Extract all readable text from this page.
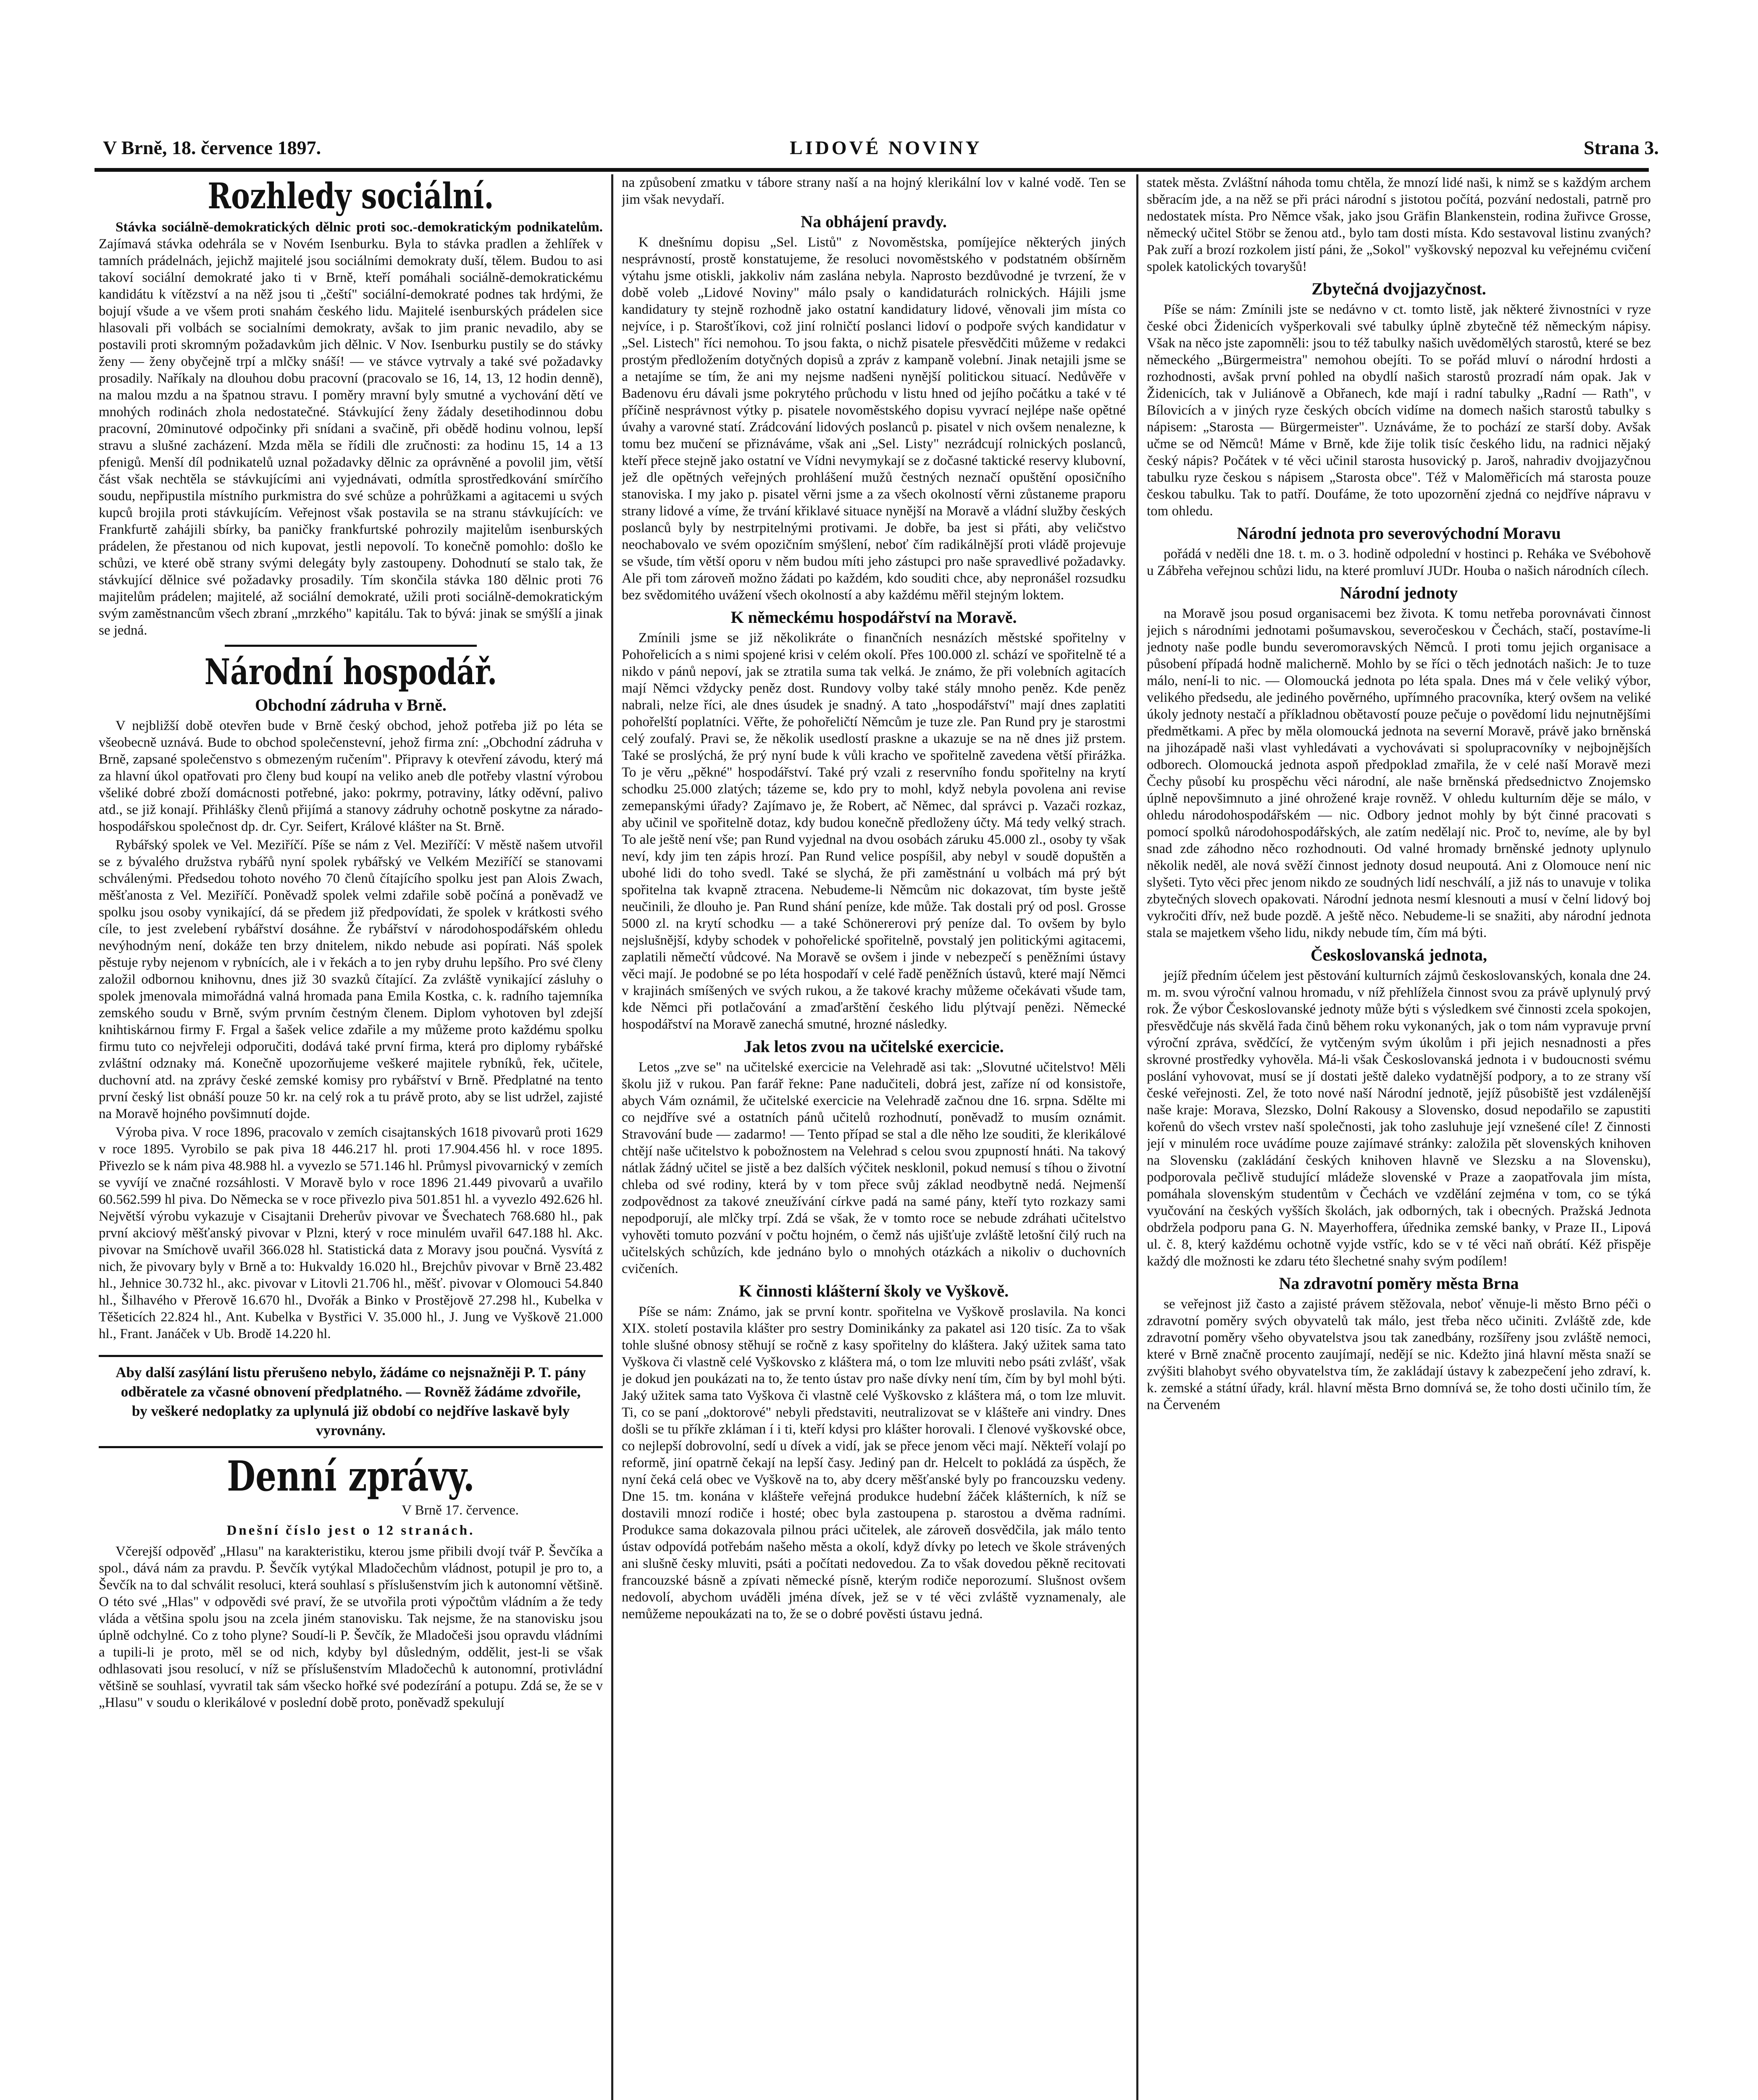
V Brně, 18. července 1897.	LIDOVÉ NOVINY	Strana 3.
Rozhledy sociální.

Stávka sociálně-demokratických dělnic proti soc.-demokratickým podnikatelům. Zajímavá stávka odehrála se v Novém Isenburku. Byla to stávka pradlen a žehlířek v tamních prádelnách, jejichž majitelé jsou sociálními demokraty duší, tělem. Budou to asi takoví sociální demokraté jako ti v Brně, kteří pomáhali sociálně-demokratickému kandidátu k vítězství a na něž jsou ti „čeští" sociální-demokraté podnes tak hrdými, že bojují všude a ve všem proti snahám českého lidu. Majitelé isenburských prádelen sice hlasovali při volbách se socialními demokraty, avšak to jim pranic nevadilo, aby se postavili proti skromným požadavkům jich dělnic. V Nov. Isenburku pustily se do stávky ženy — ženy obyčejně trpí a mlčky snáší! — ve stávce vytrvaly a také své požadavky prosadily. Naříkaly na dlouhou dobu pracovní (pracovalo se 16, 14, 13, 12 hodin denně), na malou mzdu a na špatnou stravu. I poměry mravní byly smutné a vychování dětí ve mnohých rodinách zhola nedostatečné. Stávkující ženy žádaly desetihodinnou dobu pracovní, 20minutové odpočinky při snídani a svačině, při obědě hodinu volnou, lepší stravu a slušné zacházení. Mzda měla se řídili dle zručnosti: za hodinu 15, 14 a 13 pfenigů. Menší díl podnikatelů uznal požadavky dělnic za oprávněné a povolil jim, větší část však nechtěla se stávkujícími ani vyjednávati, odmítla sprostředkování smírčího soudu, nepřipustila místního purkmistra do své schůze a pohrůžkami a agitacemi u svých kupců brojila proti stávkujícím. Veřejnost však postavila se na stranu stávkujících: ve Frankfurtě zahájili sbírky, ba paničky frankfurtské pohrozily majitelům isenburských prádelen, že přestanou od nich kupovat, jestli nepovolí. To konečně pomohlo: došlo ke schůzi, ve které obě strany svými delegáty byly zastoupeny. Dohodnutí se stalo tak, že stávkující dělnice své požadavky prosadily. Tím skončila stávka 180 dělnic proti 76 majitelům prádelen; majitelé, až sociální demokraté, užili proti sociálně-demokratickým svým zaměstnancům všech zbraní „mrzkého" kapitálu. Tak to bývá: jinak se smýšlí a jinak se jedná.

Národní hospodář.
Obchodní zádruha v Brně.

V nejbližší době otevřen bude v Brně český obchod, jehož potřeba již po léta se všeobecně uznává. Bude to obchod společenstevní, jehož firma zní: „Obchodní zádruha v Brně, zapsané společenstvo s obmezeným ručením". Připravy k otevření závodu, který má za hlavní úkol opatřovati pro členy bud koupí na veliko aneb dle potřeby vlastní výrobou všeliké dobré zboží domácnosti potřebné, jako: pokrmy, potraviny, látky oděvní, palivo atd., se již konají. Přihlášky členů přijímá a stanovy zádruhy ochotně poskytne za nárado-hospodářskou společnost dp. dr. Cyr. Seifert, Králové klášter na St. Brně.

Rybářský spolek ve Vel. Meziříčí. Píše se nám z Vel. Meziříčí: V městě našem utvořil se z bývalého družstva rybářů nyní spolek rybářský ve Velkém Meziříčí se stanovami schválenými. Předsedou tohoto nového 70 členů čítajícího spolku jest pan Alois Zwach, měšťanosta z Vel. Meziříčí. Poněvadž spolek velmi zdařile sobě počíná a poněvadž ve spolku jsou osoby vynikající, dá se předem již předpovídati, že spolek v krátkosti svého cíle, to jest zvelebení rybářství dosáhne. Že rybářství v národohospodářském ohledu nevýhodným není, dokáže ten brzy dnitelem, nikdo nebude asi popírati. Náš spolek pěstuje ryby nejenom v rybnících, ale i v řekách a to jen ryby druhu lepšího. Pro své členy založil odbornou knihovnu, dnes již 30 svazků čítající. Za zvláště vynikající zásluhy o spolek jmenovala mimořádná valná hromada pana Emila Kostka, c. k. radního tajemníka zemského soudu v Brně, svým prvním čestným členem. Diplom vyhotoven byl zdejší knihtiskárnou firmy F. Frgal a šašek velice zdařile a my můžeme proto každému spolku firmu tuto co nejvřeleji odporučiti, dodává také první firma, která pro diplomy rybářské zvláštní odznaky má. Konečně upozorňujeme veškeré majitele rybníků, řek, učitele, duchovní atd. na zprávy české zemské komisy pro rybářství v Brně. Předplatné na tento první český list obnáší pouze 50 kr. na celý rok a tu právě proto, aby se list udržel, zajisté na Moravě hojného povšimnutí dojde.

Výroba piva. V roce 1896, pracovalo v zemích cisajtanských 1618 pivovarů proti 1629 v roce 1895. Vyrobilo se pak piva 18 446.217 hl. proti 17.904.456 hl. v roce 1895. Přivezlo se k nám piva 48.988 hl. a vyvezlo se 571.146 hl. Průmysl pivovarnický v zemích se vyvíjí ve značné rozsáhlosti. V Moravě bylo v roce 1896 21.449 pivovarů a uvařilo 60.562.599 hl piva. Do Německa se v roce přivezlo piva 501.851 hl. a vyvezlo 492.626 hl. Největší výrobu vykazuje v Cisajtanii Dreherův pivovar ve Švechatech 768.680 hl., pak první akciový měšťanský pivovar v Plzni, který v roce minulém uvařil 647.188 hl. Akc. pivovar na Smíchově uvařil 366.028 hl. Statistická data z Moravy jsou poučná. Vysvítá z nich, že pivovary byly v Brně a to: Hukvaldy 16.020 hl., Brejchův pivovar v Brně 23.482 hl., Jehnice 30.732 hl., akc. pivovar v Litovli 21.706 hl., měšť. pivovar v Olomouci 54.840 hl., Šilhavého v Přerově 16.670 hl., Dvořák a Binko v Prostějově 27.298 hl., Kubelka v Těšeticích 22.824 hl., Ant. Kubelka v Bystřici V. 35.000 hl., J. Jung ve Vyškově 21.000 hl., Frant. Janáček v Ub. Brodě 14.220 hl.

Aby další zasýlání listu přerušeno nebylo, žádáme co nejsnažněji P. T. pány odběratele za včasné obnovení předplatného. — Rovněž žádáme zdvořile, by veškeré nedoplatky za uplynulá již období co nejdříve laskavě byly vyrovnány.
Denní zprávy.
V Brně 17. července.
Dnešní číslo jest o 12 stranách.

Včerejší odpověď „Hlasu" na karakteristiku, kterou jsme přibili dvojí tvář P. Ševčíka a spol., dává nám za pravdu. P. Ševčík vytýkal Mladočechům vládnost, potupil je pro to, a Ševčík na to dal schválit resoluci, která souhlasí s příslušenstvím jich k autonomní většině. O této své „Hlas" v odpovědi své praví, že se utvořila proti výpočtům vládním a že tedy vláda a většina spolu jsou na zcela jiném stanovisku. Tak nejsme, že na stanovisku jsou úplně odchylné. Co z toho plyne? Soudí-li P. Ševčík, že Mladočeši jsou opravdu vládními a tupili-li je proto, měl se od nich, kdyby byl důsledným, oddělit, jest-li se však odhlasovati jsou resolucí, v níž se příslušenstvím Mladočechů k autonomní, protivládní většině se souhlasí, vyvratil tak sám všecko hořké své podezírání a potupu. Zdá se, že se v „Hlasu" v soudu o klerikálové v poslední době proto, poněvadž spekulují

na způsobení zmatku v tábore strany naší a na hojný klerikální lov v kalné vodě. Ten se jim však nevydaří.

Na obhájení pravdy.

K dnešnímu dopisu „Sel. Listů" z Novoměstska, pomíjejíce některých jiných nesprávností, prostě konstatujeme, že resoluci novoměstského v podstatném obšírněm výtahu jsme otiskli, jakkoliv nám zaslána nebyla. Naprosto bezdůvodné je tvrzení, že v době voleb „Lidové Noviny" málo psaly o kandidaturách rolnických. Hájili jsme kandidatury ty stejně rozhodně jako ostatní kandidatury lidové, věnovali jim místa co nejvíce, i p. Starošťíkovi, což jiní rolničtí poslanci lidoví o podpoře svých kandidatur v „Sel. Listech" říci nemohou. To jsou fakta, o nichž pisatele přesvědčiti můžeme v redakci prostým předložením dotyčných dopisů a zpráv z kampaně volební. Jinak netajili jsme se a netajíme se tím, že ani my nejsme nadšeni nynější politickou situací. Nedůvěře v Badenovu éru dávali jsme pokrytého průchodu v listu hned od jejího počátku a také v té příčině nesprávnost výtky p. pisatele novoměstského dopisu vyvrací nejlépe naše opětné úvahy a varovné statí. Zrádcování lidových poslanců p. pisatel v nich ovšem nenalezne, k tomu bez mučení se přiznáváme, však ani „Sel. Listy" nezrádcují rolnických poslanců, kteří přece stejně jako ostatní ve Vídni nevymykají se z dočasné taktické reservy klubovní, jež dle opětných veřejných prohlášení mužů čestných neznačí opuštění oposičního stanoviska. I my jako p. pisatel věrni jsme a za všech okolností věrni zůstaneme praporu strany lidové a víme, že trvání křiklavé situace nynější na Moravě a vládní služby českých poslanců byly by nestrpitelnými protivami. Je dobře, ba jest si přáti, aby veličstvo neochabovalo ve svém opozičním smýšlení, neboť čím radikálnější proti vládě projevuje se všude, tím větší oporu v něm budou míti jeho zástupci pro naše spravedlivé požadavky. Ale při tom zároveň možno žádati po každém, kdo souditi chce, aby nepronášel rozsudku bez svědomitého uvážení všech okolností a aby každému měřil stejným loktem.

K německému hospodářství na Moravě.

Zmínili jsme se již několikráte o finančních nesnázích městské spořitelny v Pohořelicích a s nimi spojené krisi v celém okolí. Přes 100.000 zl. schází ve spořitelně té a nikdo v pánů nepoví, jak se ztratila suma tak velká. Je známo, že při volebních agitacích mají Němci vždycky peněz dost. Rundovy volby také stály mnoho peněz. Kde peněz nabrali, nelze říci, ale dnes úsudek je snadný. A tato „hospodářství" mají dnes zaplatiti pohořelští poplatníci. Věřte, že pohořeličtí Němcům je tuze zle. Pan Rund pry je starostmi celý zoufalý. Pravi se, že několik usedlostí prasknе a ukazuje se na ně dnes již prstem. Také se proslýchá, že prý nyní bude k vůli kracho ve spořitelně zavedena větší přirážka. To je věru „pěkné" hospodářství. Také prý vzali z reservního fondu spořitelny na krytí schodku 25.000 zlatých; tázeme se, kdo pry to mohl, když nebyla povolena ani revise zemepanskými úřady? Zajímavo je, že Robert, ač Němec, dal správci p. Vazači rozkaz, aby učinil ve spořitelně dotaz, kdy budou konečně předloženy účty. Má tedy velký strach. To ale ještě není vše; pan Rund vyjednal na dvou osobách záruku 45.000 zl., osoby ty však neví, kdy jim ten zápis hrozí. Pan Rund velice pospíšil, aby nebyl v soudě dopuštěn a ubohé lidi do toho svedl. Také se slychá, že při zaměstnání u volbách má prý být spořitelna tak kvapně ztracena. Nebudeme-li Němcům nic dokazovat, tím byste ještě neučinili, že dlouho je. Pan Rund shání peníze, kde může. Tak dostali prý od posl. Grosse 5000 zl. na krytí schodku — a také Schönererovi prý peníze dal. To ovšem by bylo nejslušnější, kdyby schodek v pohořelické spořitelně, povstalý jen politickými agitacemi, zaplatili němečtí vůdcové. Na Moravě se ovšem i jinde v nebezpečí s peněžními ústavy věci mají. Je podobné se po léta hospodaří v celé řadě peněžních ústavů, které mají Němci v krajinách smíšených ve svých rukou, a že takové krachy můžeme očekávati všude tam, kde Němci při potlačování a zmaďarštění českého lidu plýtvají penězi. Německé hospodářství na Moravě zanechá smutné, hrozné následky.

Jak letos zvou na učitelské exercicie.

Letos „zve se" na učitelské exercicie na Velehradě asi tak: „Slovutné učitelstvo! Měli školu již v rukou. Pan farář řekne: Pane nadučiteli, dobrá jest, zaříze ní od konsistoře, abych Vám oznámil, že učitelské exercicie na Velehradě začnou dne 16. srpna. Sdělte mi co nejdříve své a ostatních pánů učitelů rozhodnutí, poněvadž to musím oznámit. Stravování bude — zadarmo! — Tento případ se stal a dle něho lze souditi, že klerikálové chtějí naše učitelstvo k pobožnostem na Velehrad s celou svou zpupností hnáti. Na takový nátlak žádný učitel se jistě a bez dalších výčitek nesklonil, pokud nemusí s tíhou o životní chleba od své rodiny, která by v tom přece svůj základ neodbytně nedá. Nejmenší zodpovědnost za takové zneužívání církve padá na samé pány, kteří tyto rozkazy sami nepodporují, ale mlčky trpí. Zdá se však, že v tomto roce se nebude zdráhati učitelstvo vyhověti tomuto pozvání v počtu hojném, o čemž nás ujišťuje zvláště letošní čilý ruch na učitelských schůzích, kde jednáno bylo o mnohých otázkách a nikoliv o duchovních cvičeních.

K činnosti klášterní školy ve Vyškově.

Píše se nám: Známo, jak se první kontr. spořitelna ve Vyškově proslavila. Na konci XIX. století postavila klášter pro sestry Dominikánky za pakatel asi 120 tisíc. Za to však tohle slušné obnosy stěhují se ročně z kasy spořitelny do kláštera. Jaký užitek sama tato Vyškova či vlastně celé Vyškovsko z kláštera má, o tom lze mluviti nebo psáti zvlášť, však je dokud jen poukázati na to, že tento ústav pro naše dívky není tím, čím by byl mohl býti. Jaký užitek sama tato Vyškova či vlastně celé Vyškovsko z kláštera má, o tom lze mluvit. Ti, co se paní „doktorové" nebyli představiti, neutralizovat se v klášteře ani vindry. Dnes došli se tu příkře zkláman í i ti, kteří kdysi pro klášter horovali. I členové vyškovské obce, co nejlepší dobrovolní, sedí u dívek a vidí, jak se přece jenom věci mají. Někteří volají po reformě, jiní opatrně čekají na lepší časy. Jediný pan dr. Helcelt to pokládá za úspěch, že nyní čeká celá obec ve Vyškově na to, aby dcery měšťanské byly po francouzsku vedeny. Dne 15. tm. konána v klášteře veřejná produkce hudební žáček klášterních, k níž se dostavili mnozí rodiče i hosté; obec byla zastoupena p. starostou a dvěma radními. Produkce sama dokazovala pilnou práci učitelek, ale zároveň dosvědčila, jak málo tento ústav odpovídá potřebám našeho města a okolí, když dívky po letech ve škole strávených ani slušně česky mluviti, psáti a počítati nedovedou. Za to však dovedou pěkně recitovati francouzské básně a zpívati německé písně, kterým rodiče neporozumí. Slušnost ovšem nedovolí, abychom uváděli jména dívek, jež se v té věci zvláště vyznamenaly, ale nemůžeme nepoukázati na to, že se o dobré pověsti ústavu jedná.

statek města. Zvláštní náhoda tomu chtěla, že mnozí lidé naši, k nimž se s každým archem sběracím jde, a na něž se při práci národní s jistotou počítá, pozvání nedostali, patrně pro nedostatek místa. Pro Němce však, jako jsou Gräfin Blankenstein, rodina žuřivce Grosse, německý učitel Stöbr se ženou atd., bylo tam dosti místa. Kdo sestavoval listinu zvaných? Pak zuří a brozí rozkolem jistí páni, že „Sokol" vyškovský nepozval ku veřejnému cvičení spolek katolických tovaryšů!

Zbytečná dvojjazyčnost.

Píše se nám: Zmínili jste se nedávno v ct. tomto listě, jak některé živnostníci v ryze české obci Židenicích vyšperkovali své tabulky úplně zbytečně též německým nápisy. Však na něco jste zapomněli: jsou to též tabulky našich uvědomělých starostů, které se bez německého „Bürgermeistra" nemohou obejíti. To se pořád mluví o národní hrdosti a rozhodnosti, avšak první pohled na obydlí našich starostů prozradí nám opak. Jak v Židenicích, tak v Juliánově a Obřanech, kde mají i radní tabulky „Radní — Rath", v Bílovicích a v jiných ryze českých obcích vidíme na domech našich starostů tabulky s nápisem: „Starosta — Bürgermeister". Uznáváme, že to pochází ze starší doby. Avšak učme se od Němců! Máme v Brně, kde žije tolik tisíc českého lidu, na radnici nějaký český nápis? Počátek v té věci učinil starosta husovický p. Jaroš, nahradiv dvojjazyčnou tabulku ryze českou s nápisem „Starosta obce". Též v Maloměřicích má starosta pouze českou tabulku. Tak to patří. Doufáme, že toto upozornění zjedná co nejdříve nápravu v tom ohledu.

Národní jednota pro severovýchodní Moravu

pořádá v neděli dne 18. t. m. o 3. hodině odpolední v hostinci p. Rehákа ve Svébohově u Zábřeha veřejnou schůzi lidu, na které promluví JUDr. Houba o našich národních cílech.

Národní jednoty

na Moravě jsou posud organisacemi bez života. K tomu netřeba porovnávati činnost jejich s národními jednotami pošumavskou, severočeskou v Čechách, stačí, postavíme-li jednoty naše podle bundu severomoravských Němců. I proti tomu jejich organisace a působení případá hodně malicherně. Mohlo by se říci o těch jednotách našich: Je to tuze málo, není-li to nic. — Olomoucká jednota po léta spala. Dnes má v čele veliký výbor, velikého předsedu, ale jediného pověrného, upřímného pracovníka, který ovšem na veliké úkoly jednoty nestačí a příkladnou obětavostí pouze pečuje o povědomí lidu nejnutnějšími předmětkami. A přec by měla olomoucká jednota na severní Moravě, právě jako brněnská na jihozápadě naši vlast vyhledávati a vychovávati si spolupracovníky v nejbojnějších odborech. Olomoucká jednota aspoň předpoklad zmařila, že v celé naší Moravě mezi Čechy působí ku prospěchu věci národní, ale naše brněnská předsednictvo Znojemsko úplně nepovšimnuto a jiné ohrožené kraje rovněž. V ohledu kulturním děje se málo, v ohledu národohospodářském — nic. Odbory jednot mohly by být činné pracovati s pomocí spolků národohospodářských, ale zatím nedělají nic. Proč to, nevíme, ale by byl snad zde záhodno něco rozhodnouti. Od valné hromady brněnské jednoty uplynulo několik neděl, ale nová svěží činnost jednoty dosud neupoutá. Ani z Olomouce není nic slyšeti. Tyto věci přec jenom nikdo ze soudných lidí neschválí, a již nás to unavuje v tolika zbytečných slovech opakovati. Národní jednota nesmí klesnouti a musí v čelní lidový boj vykročiti dřív, než bude pozdě. A ještě něco. Nebudeme-li se snažiti, aby národní jednota stala se majetkem všeho lidu, nikdy nebude tím, čím má býti.

Českoslovanská jednota,

jejíž předním účelem jest pěstování kulturních zájmů českoslovanských, konala dne 24. m. m. svou výroční valnou hromadu, v níž přehlížela činnost svou za právě uplynulý prvý rok. Že výbor Českoslovanské jednoty může býti s výsledkem své činnosti zcela spokojen, přesvědčuje nás skvělá řada činů během roku vykonaných, jak o tom nám vypravuje první výroční zpráva, svědčící, že vytčeným svým úkolům i při jejich nesnadnosti a přes skrovné prostředky vyhověla. Má-li však Českoslovanská jednota i v budoucnosti svému poslání vyhovovat, musí se jí dostati ještě daleko vydatnější podpory, a to ze strany vší české veřejnosti. Zel, že toto nové naší Národní jednotě, jejíž působiště jest vzdálenější naše kraje: Morava, Slezsko, Dolní Rakousy a Slovensko, dosud nepodařilo se zapustiti kořenů do všech vrstev naší společnosti, jak toho zasluhuje její vznešené cíle! Z činnosti její v minulém roce uvádíme pouze zajímavé stránky: založila pět slovenských knihoven na Slovensku (zakládání českých knihoven hlavně ve Slezsku a na Slovensku), podporovala pečlivě studující mládeže slovenské v Praze a zaopatřovala jim místa, pomáhala slovenským studentům v Čechách ve vzdělání zejména v tom, co se týká vyučování na českých vyšších školách, jak odborných, tak i obecných. Pražská Jednota obdržela podporu pana G. N. Mayerhoffera, úřednika zemské banky, v Praze II., Lipová ul. č. 8, který každému ochotně vyjde vstříc, kdo se v té věci naň obrátí. Kéž přispěje každý dle možnosti ke zdaru této šlechetné snahy svým podílem!

Na zdravotní poměry města Brna

se veřejnost již často a zajisté právem stěžovala, neboť věnuje-li město Brno péči o zdravotní poměry svých obyvatelů tak málo, jest třeba něco učiniti. Zvláště zde, kde zdravotní poměry všeho obyvatelstva jsou tak zanedbány, rozšířeny jsou zvláště nemoci, které v Brně značně procento zaujímají, nedějí se nic. Kdežto jiná hlavní města snaží se zvýšiti blahobyt svého obyvatelstva tím, že zakládají ústavy k zabezpečení jeho zdraví, k. k. zemské a státní úřady, král. hlavní města Brno domnívá se, že toho dosti učinilo tím, že na Červeném
